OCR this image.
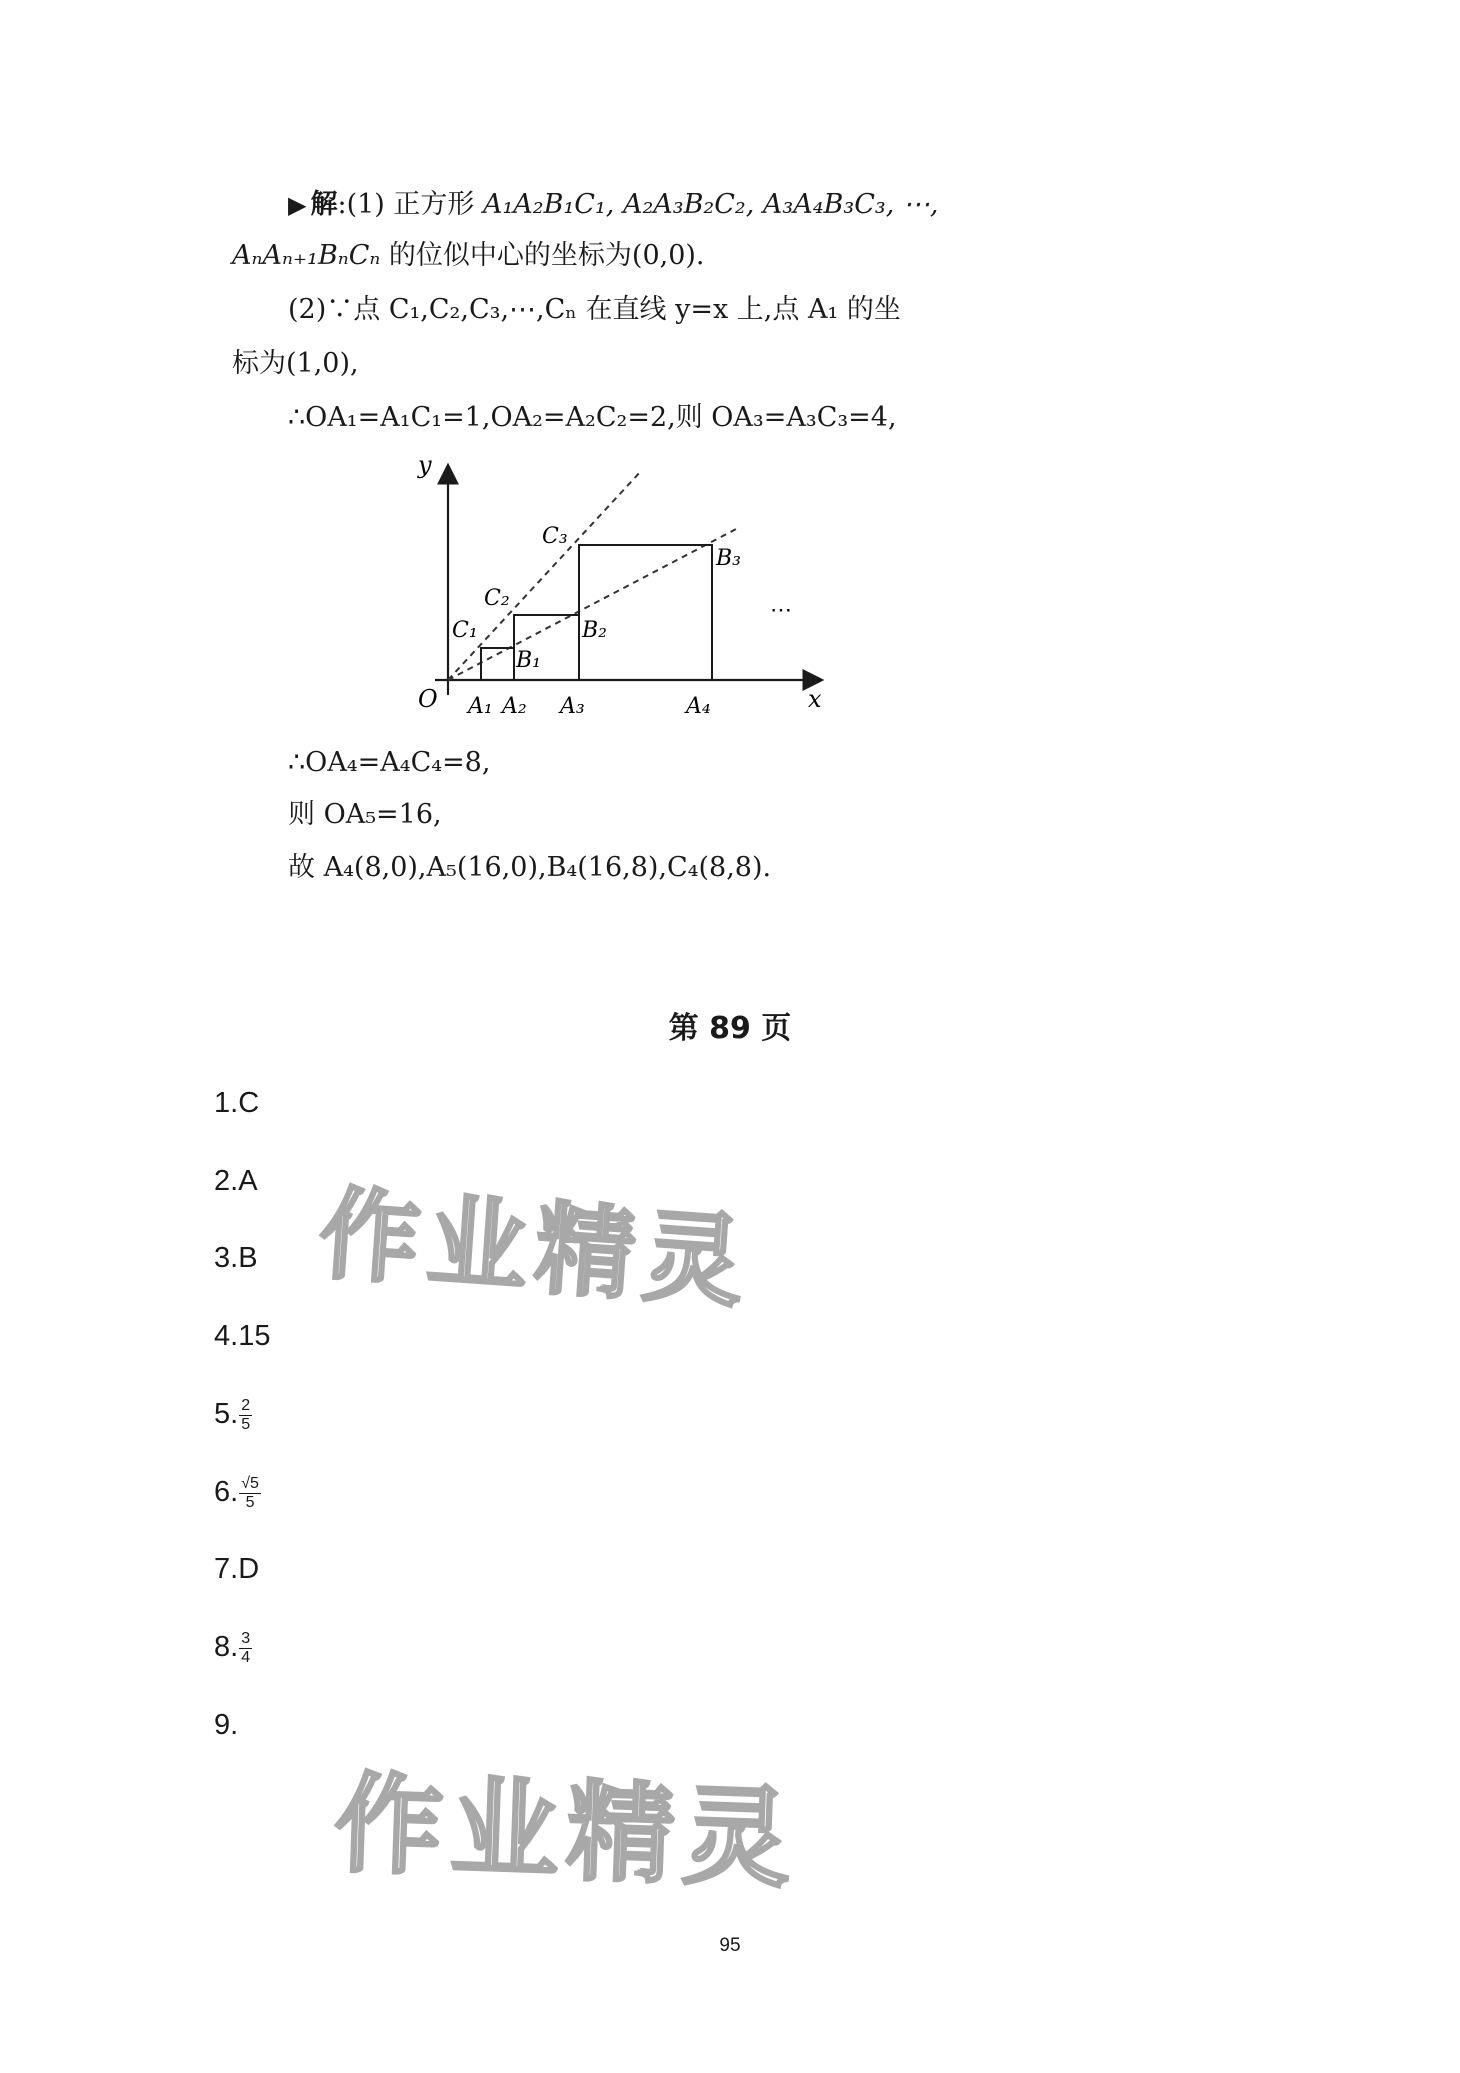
▶ 解:(1) 正方形 A₁A₂B₁C₁, A₂A₃B₂C₂, A₃A₄B₃C₃, ⋯,
AₙAₙ₊₁BₙCₙ 的位似中心的坐标为(0,0).
(2)∵点 C₁,C₂,C₃,⋯,Cₙ 在直线 y=x 上,点 A₁ 的坐
标为(1,0),
∴OA₁=A₁C₁=1,OA₂=A₂C₂=2,则 OA₃=A₃C₃=4,
y
x
O A₁ A₂ A₃	A₄
B₁
B₂
B₃
C₁
C₂
C₃
⋯
∴OA₄=A₄C₄=8,
则 OA₅=16,
故 A₄(8,0),A₅(16,0),B₄(16,8),C₄(8,8).
第 89 页
1.C
2.A
3.B
4.15
5. $\frac{2}{5}$
6. $\frac{√5}{5}$
7.D
8. $\frac{3}{4}$
9.
作业精灵
作业精灵
95
